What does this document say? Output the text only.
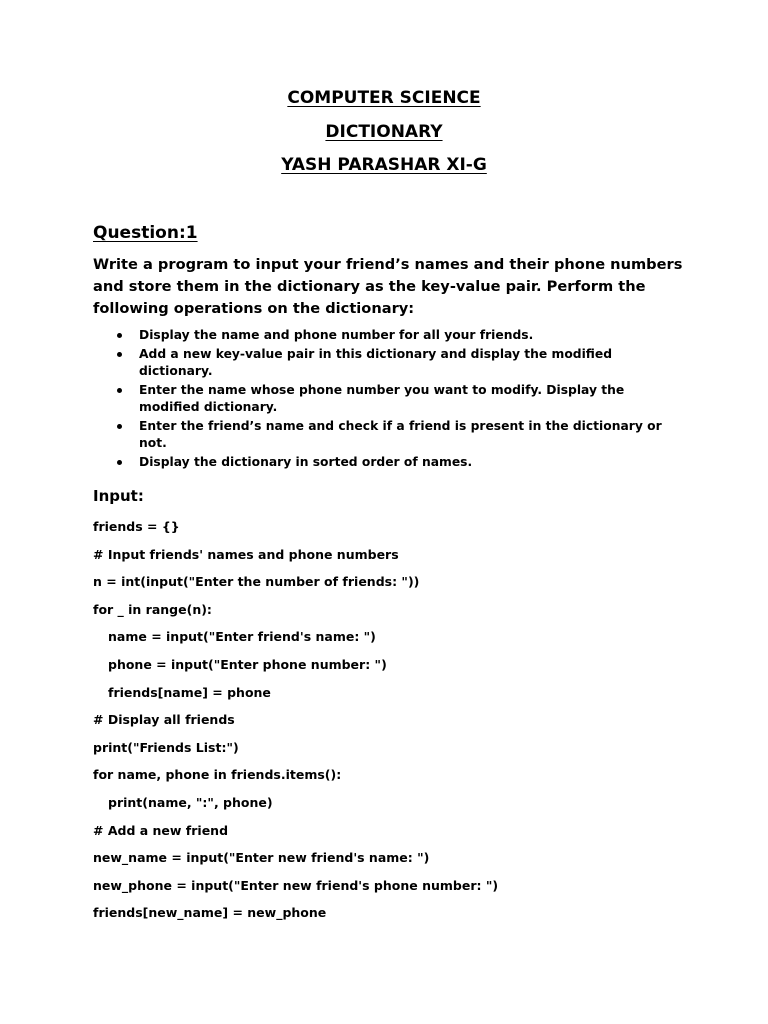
COMPUTER SCIENCE
DICTIONARY
YASH PARASHAR XI-G
Question:1
Write a program to input your friend’s names and their phone numbers and store them in the dictionary as the key-value pair. Perform the following operations on the dictionary:
Display the name and phone number for all your friends.
Add a new key-value pair in this dictionary and display the modified dictionary.
Enter the name whose phone number you want to modify. Display the modified dictionary.
Enter the friend’s name and check if a friend is present in the dictionary or not.
Display the dictionary in sorted order of names.
Input:
friends = {}
# Input friends' names and phone numbers
n = int(input("Enter the number of friends: "))
for _ in range(n):
name = input("Enter friend's name: ")
phone = input("Enter phone number: ")
friends[name] = phone
# Display all friends
print("Friends List:")
for name, phone in friends.items():
print(name, ":", phone)
# Add a new friend
new_name = input("Enter new friend's name: ")
new_phone = input("Enter new friend's phone number: ")
friends[new_name] = new_phone
